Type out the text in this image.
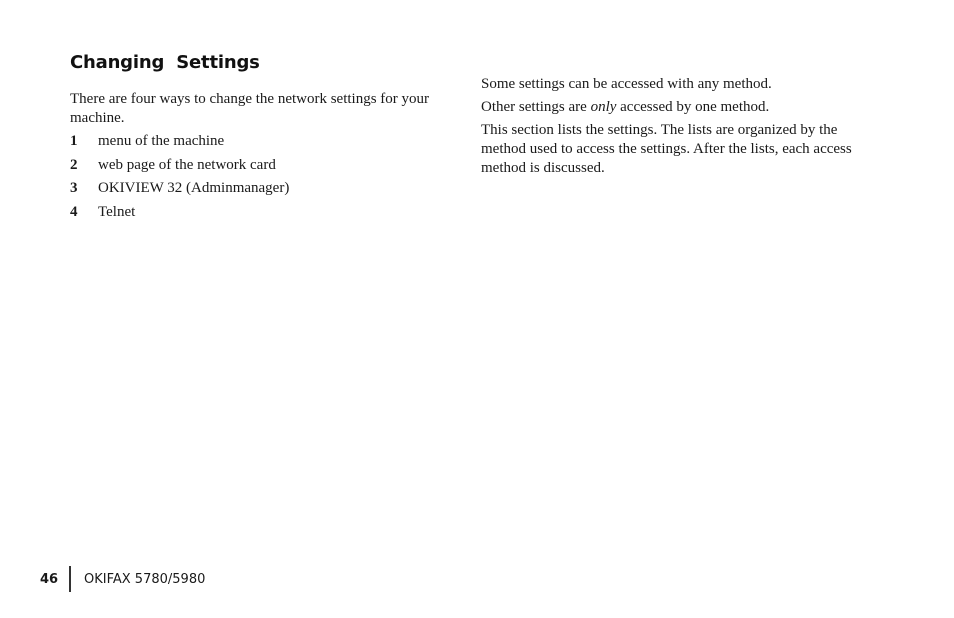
Changing  Settings

There are four ways to change the network settings for your machine.

1	menu of the machine
2	web page of the network card
3	OKIVIEW 32 (Adminmanager)
4	Telnet

Some settings can be accessed with any method.

Other settings are only accessed by one method.

This section lists the settings. The lists are organized by the method used to access the settings. After the lists, each access method is discussed.

46	OKIFAX 5780/5980
